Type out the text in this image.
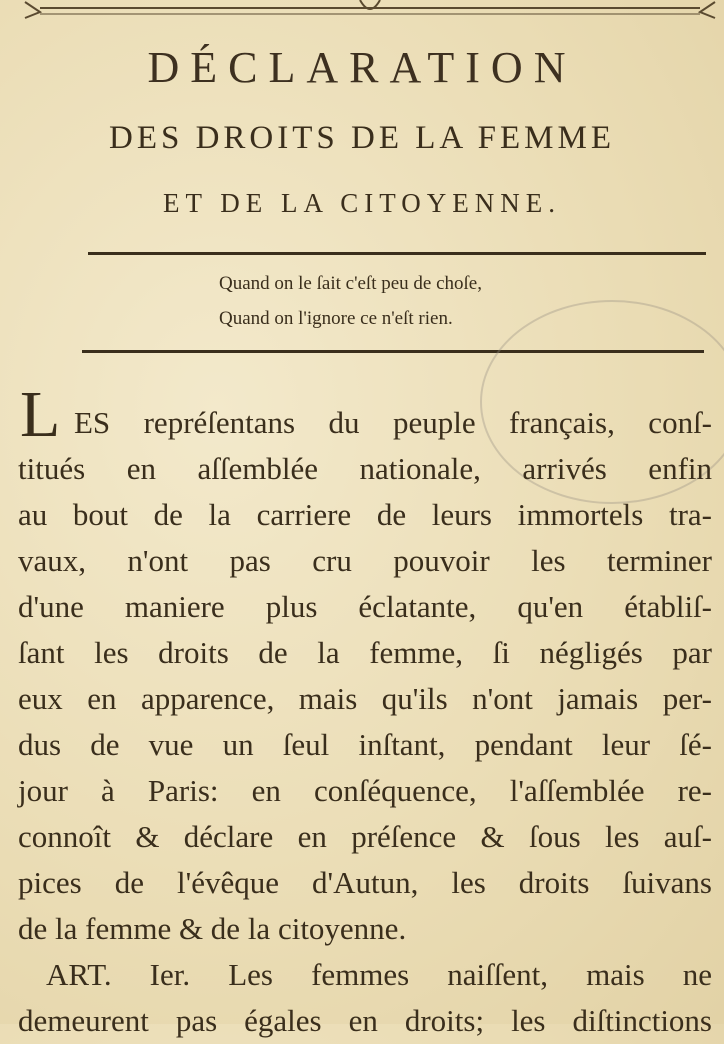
DÉCLARATION
DES DROITS DE LA FEMME
ET DE LA CITOYENNE.
Quand on le ſait c'eſt peu de choſe,
Quand on l'ignore ce n'eſt rien.
L ES repréſentans du peuple français, conſ-
titués en aſſemblée nationale, arrivés enfin
au bout de la carriere de leurs immortels tra-
vaux, n'ont pas cru pouvoir les terminer
d'une maniere plus éclatante, qu'en établiſ-
ſant les droits de la femme, ſi négligés par
eux en apparence, mais qu'ils n'ont jamais per-
dus de vue un ſeul inſtant, pendant leur ſé-
jour à Paris: en conſéquence, l'aſſemblée re-
connoît & déclare en préſence & ſous les auſ-
pices de l'évêque d'Autun, les droits ſuivans
de la femme & de la citoyenne.
ART. Ier. Les femmes naiſſent, mais ne
demeurent pas égales en droits; les diſtinctions
